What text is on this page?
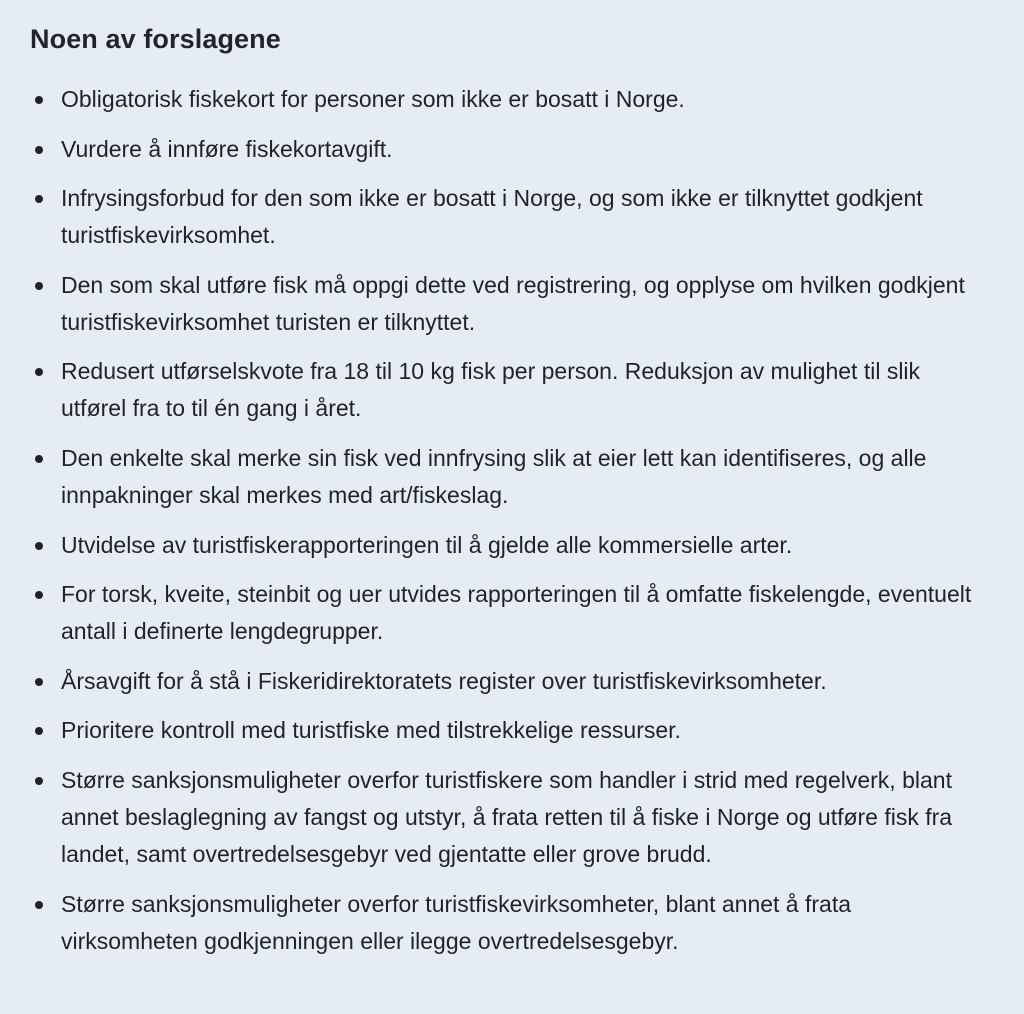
Noen av forslagene
Obligatorisk fiskekort for personer som ikke er bosatt i Norge.
Vurdere å innføre fiskekortavgift.
Infrysingsforbud for den som ikke er bosatt i Norge, og som ikke er tilknyttet godkjent turistfiskevirksomhet.
Den som skal utføre fisk må oppgi dette ved registrering, og opplyse om hvilken godkjent turistfiskevirksomhet turisten er tilknyttet.
Redusert utførselskvote fra 18 til 10 kg fisk per person. Reduksjon av mulighet til slik utførel fra to til én gang i året.
Den enkelte skal merke sin fisk ved innfrysing slik at eier lett kan identifiseres, og alle innpakninger skal merkes med art/fiskeslag.
Utvidelse av turistfiskerapporteringen til å gjelde alle kommersielle arter.
For torsk, kveite, steinbit og uer utvides rapporteringen til å omfatte fiskelengde, eventuelt antall i definerte lengdegrupper.
Årsavgift for å stå i Fiskeridirektoratets register over turistfiskevirksomheter.
Prioritere kontroll med turistfiske med tilstrekkelige ressurser.
Større sanksjonsmuligheter overfor turistfiskere som handler i strid med regelverk, blant annet beslaglegning av fangst og utstyr, å frata retten til å fiske i Norge og utføre fisk fra landet, samt overtredelsesgebyr ved gjentatte eller grove brudd.
Større sanksjonsmuligheter overfor turistfiskevirksomheter, blant annet å frata virksomheten godkjenningen eller ilegge overtredelsesgebyr.
